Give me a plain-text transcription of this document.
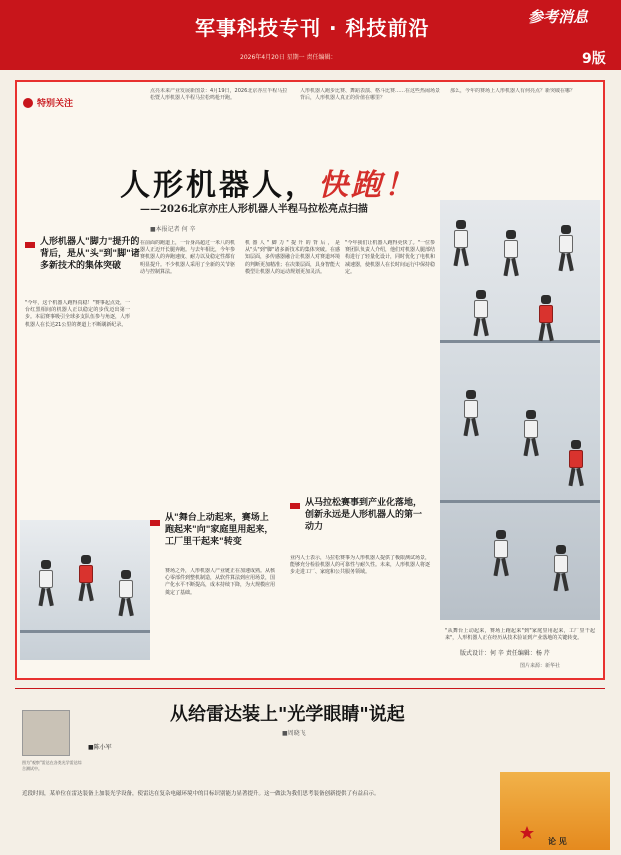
军事科技专刊 · 科技前沿	参考消息
2026年4月20日 星期一 责任编辑：	9版
特别关注
点亮未来产业发展新图景：4月19日，2026北京亦庄半程马拉松暨人形机器人半程马拉松鸣枪开跑。
人形机器人跑步比赛、舞蹈表演、格斗比赛……在这些热闹场景背后，人形机器人真正的价值在哪里？
那么，今年的赛场上人形机器人有何亮点？新突破在哪？
人形机器人，快跑！
——2026北京亦庄人形机器人半程马拉松亮点扫描
■本报记者 何 辛
人形机器人"脚力"提升的背后，是从"头"到"脚"诸多新技术的集体突破
"今年，这个机器人跑得真稳！"赛事起点处，一台红黑相间的机器人正以稳定的步伐迈出第一步。本届赛事吸引全球多支队伍参与角逐，人形机器人在长达21公里的赛道上不断刷新纪录。
在前面的跑道上，一台身高超过一米八的机器人正迈开长腿奔跑。与去年相比，今年参赛机器人的奔跑速度、耐力以及稳定性都有明显提升。不少机器人采用了全新的关节驱动与控制算法。
机器人"脚力"提升的背后，是从"头"到"脚"诸多新技术的集体突破。在感知层面，多传感器融合让机器人对赛道环境的判断更加精准；在决策层面，具身智能大模型让机器人的运动规划更加灵活。
"今年我们让机器人跑得更快了。"一位参赛团队负责人介绍，他们对机器人腿部结构进行了轻量化设计，同时优化了电机和减速器，使机器人在长时间运行中保持稳定。
从"舞台上动起来，赛场上跑起来"向"家庭里用起来，工厂里干起来"转变
从马拉松赛事到产业化落地，创新永远是人形机器人的第一动力
赛场之外，人形机器人产业链正在加速成熟。从核心零部件到整机制造，从软件算法到应用场景，国产化水平不断提高，成本持续下降，为大规模应用奠定了基础。
业内人士表示，马拉松赛事为人形机器人提供了极限测试场景，能够充分检验机器人的可靠性与耐久性。未来，人形机器人将逐步走进工厂、家庭和公共服务领域。
"从舞台上动起来，赛场上跑起来"到"家庭里用起来，工厂里干起来"，人形机器人正在经历从技术验证到产业落地的关键转变。
版式设计：何 辛 责任编辑：杨 芹
图片来源：新华社
图为"观察"雷达在各类光学雷达综合测试中。
■陈小军
从给雷达装上"光学眼睛"说起
■周晓飞
近段时间，某单位在雷达装备上加装光学设备，使雷达在复杂电磁环境中的目标识别能力显著提升。这一做法为我们思考装备创新提供了有益启示。
论 见
